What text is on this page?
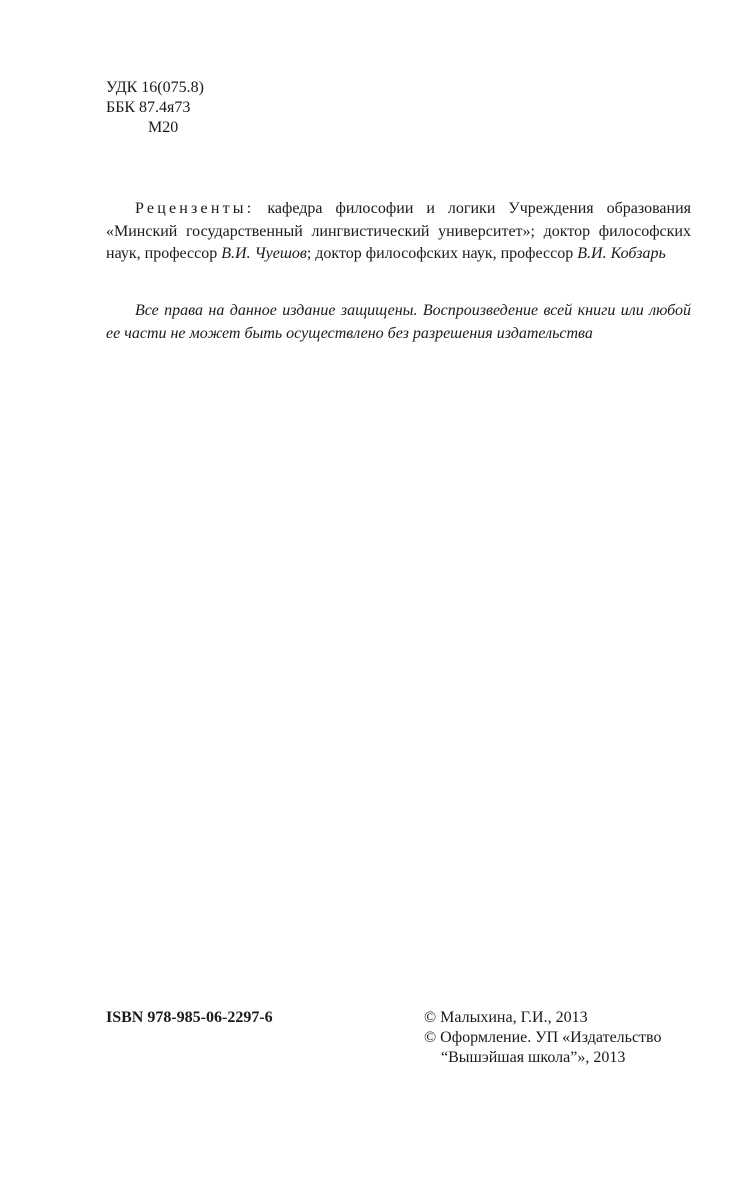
УДК 16(075.8)
ББК 87.4я73
М20

Рецензенты: кафедра философии и логики Учреждения образования «Минский государственный лингвистический университет»; доктор философских наук, профессор В.И. Чуешов; доктор философских наук, профессор В.И. Кобзарь

Все права на данное издание защищены. Воспроизведение всей книги или любой ее части не может быть осуществлено без разрешения издательства

ISBN 978-985-06-2297-6	© Малыхина, Г.И., 2013
© Оформление. УП «Издательство
“Вышэйшая школа”», 2013
